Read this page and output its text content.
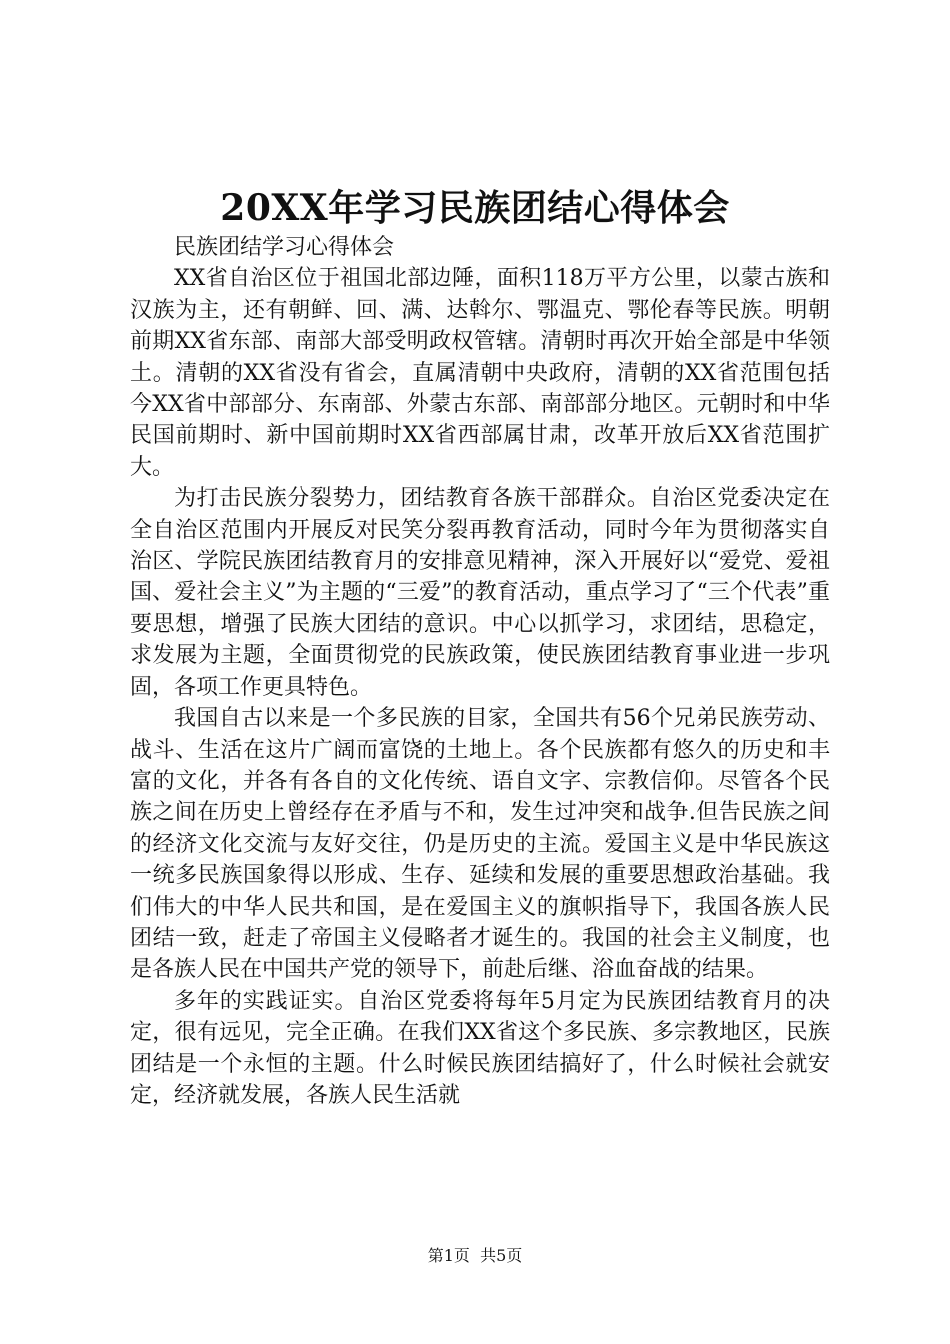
20XX年学习民族团结心得体会

民族团结学习心得体会

XX省自治区位于祖国北部边陲，面积118万平方公里，以蒙古族和汉族为主，还有朝鲜、回、满、达斡尔、鄂温克、鄂伦春等民族。明朝前期XX省东部、南部大部受明政权管辖。清朝时再次开始全部是中华领土。清朝的XX省没有省会，直属清朝中央政府，清朝的XX省范围包括今XX省中部部分、东南部、外蒙古东部、南部部分地区。元朝时和中华民国前期时、新中国前期时XX省西部属甘肃，改革开放后XX省范围扩大。

为打击民族分裂势力，团结教育各族干部群众。自治区党委决定在全自治区范围内开展反对民笑分裂再教育活动，同时今年为贯彻落实自治区、学院民族团结教育月的安排意见精神，深入开展好以“爱党、爱祖国、爱社会主义”为主题的“三爱”的教育活动，重点学习了“三个代表”重要思想，增强了民族大团结的意识。中心以抓学习，求团结，思稳定，求发展为主题，全面贯彻党的民族政策，使民族团结教育事业进一步巩固，各项工作更具特色。

我国自古以来是一个多民族的目家，全国共有56个兄弟民族劳动、战斗、生活在这片广阔而富饶的土地上。各个民族都有悠久的历史和丰富的文化，并各有各自的文化传统、语自文字、宗教信仰。尽管各个民族之间在历史上曾经存在矛盾与不和，发生过冲突和战争.但告民族之间的经济文化交流与友好交往，仍是历史的主流。爱国主义是中华民族这一统多民族国象得以形成、生存、延续和发展的重要思想政治基础。我们伟大的中华人民共和国，是在爱国主义的旗帜指导下，我国各族人民团结一致，赶走了帝国主义侵略者才诞生的。我国的社会主义制度，也是各族人民在中国共产党的领导下，前赴后继、浴血奋战的结果。

多年的实践证实。自治区党委将每年5月定为民族团结教育月的决定，很有远见，完全正确。在我们XX省这个多民族、多宗教地区，民族团结是一个永恒的主题。什么时候民族团结搞好了，什么时候社会就安定，经济就发展，各族人民生活就

第1页 共5页
